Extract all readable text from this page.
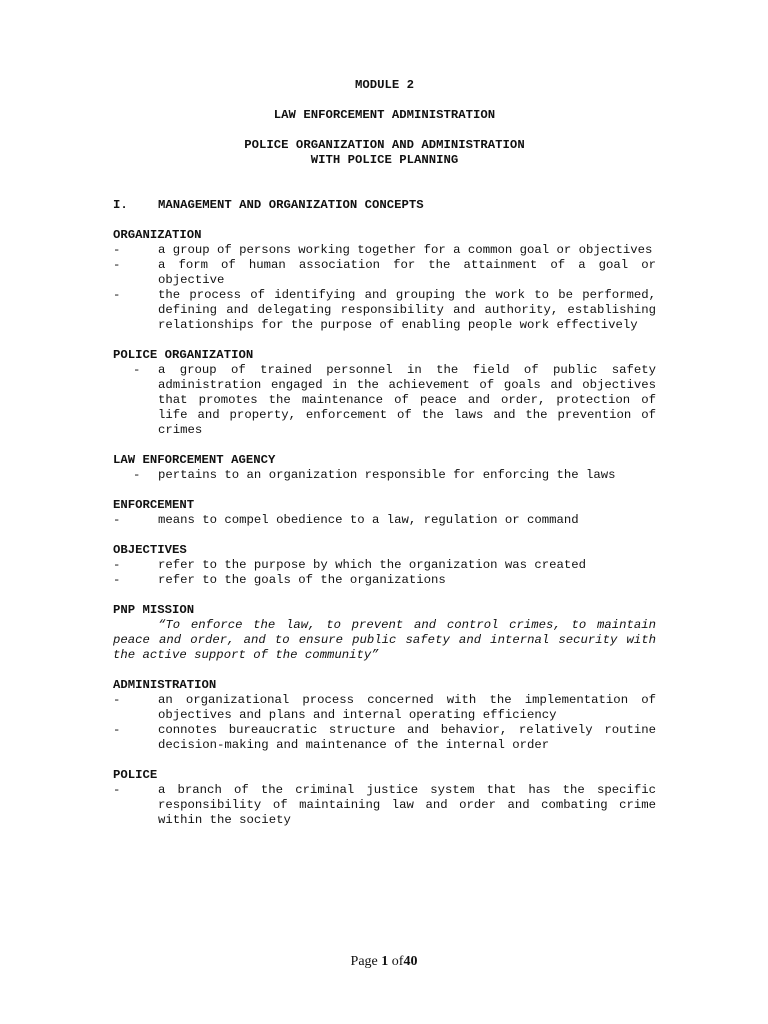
MODULE 2
LAW ENFORCEMENT ADMINISTRATION
POLICE ORGANIZATION AND ADMINISTRATION
WITH POLICE PLANNING
I. MANAGEMENT AND ORGANIZATION CONCEPTS
ORGANIZATION
-	a group of persons working together for a common goal or objectives
-	a form of human association for the attainment of a goal or objective
-	the process of identifying and grouping the work to be performed, defining and delegating responsibility and authority, establishing relationships for the purpose of enabling people work effectively
POLICE ORGANIZATION
-	a group of trained personnel in the field of public safety administration engaged in the achievement of goals and objectives that promotes the maintenance of peace and order, protection of life and property, enforcement of the laws and the prevention of crimes
LAW ENFORCEMENT AGENCY
-	pertains to an organization responsible for enforcing the laws
ENFORCEMENT
-	means to compel obedience to a law, regulation or command
OBJECTIVES
-	refer to the purpose by which the organization was created
-	refer to the goals of the organizations
PNP MISSION
“To enforce the law, to prevent and control crimes, to maintain peace and order, and to ensure public safety and internal security with the active support of the community”
ADMINISTRATION
-	an organizational process concerned with the implementation of objectives and plans and internal operating efficiency
-	connotes bureaucratic structure and behavior, relatively routine decision-making and maintenance of the internal order
POLICE
-	a branch of the criminal justice system that has the specific responsibility of maintaining law and order and combating crime within the society
Page 1 of40
